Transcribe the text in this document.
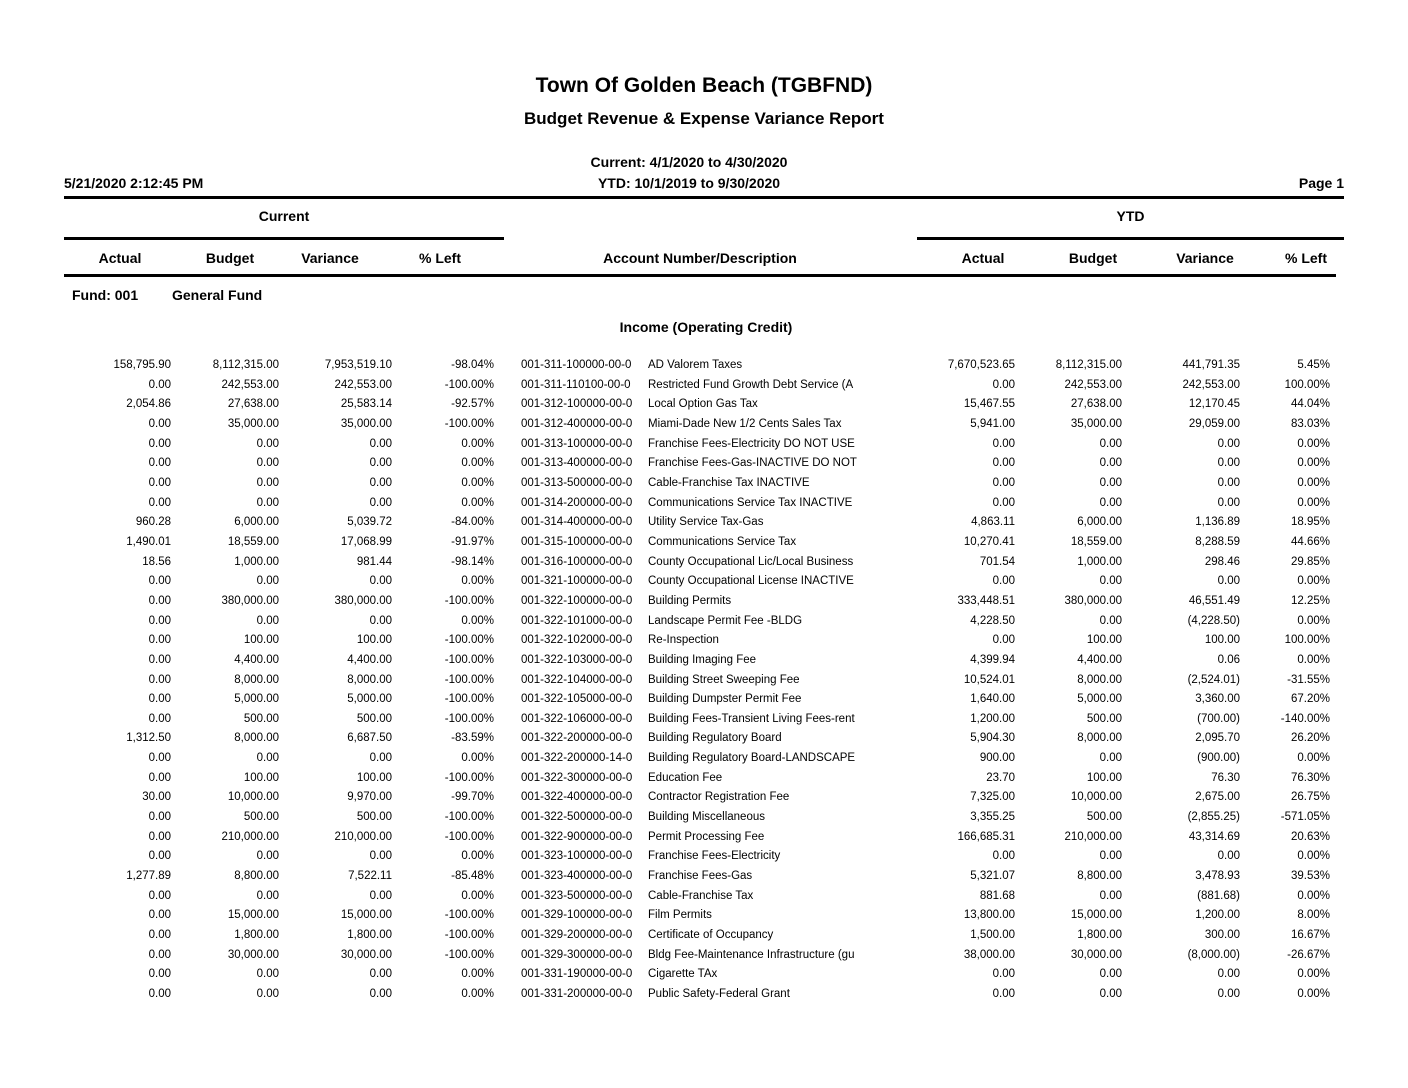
Town Of Golden Beach (TGBFND)
Budget Revenue & Expense Variance Report
Current: 4/1/2020 to 4/30/2020
YTD: 10/1/2019 to 9/30/2020
5/21/2020 2:12:45 PM	Page 1
Current	YTD
Actual	Budget	Variance	% Left	Account Number/Description	Actual	Budget	Variance	% Left
Fund: 001 General Fund
Income (Operating Credit)
158,795.90	8,112,315.00	7,953,519.10	-98.04% 001-311-100000-00-0	AD Valorem Taxes	7,670,523.65	8,112,315.00	441,791.35	5.45%
0.00	242,553.00	242,553.00	-100.00% 001-311-110100-00-0	Restricted Fund Growth Debt Service (A	0.00	242,553.00	242,553.00	100.00%
2,054.86	27,638.00	25,583.14	-92.57% 001-312-100000-00-0	Local Option Gas Tax	15,467.55	27,638.00	12,170.45	44.04%
0.00	35,000.00	35,000.00	-100.00% 001-312-400000-00-0	Miami-Dade New 1/2 Cents Sales Tax	5,941.00	35,000.00	29,059.00	83.03%
0.00	0.00	0.00	0.00% 001-313-100000-00-0	Franchise Fees-Electricity DO NOT USE	0.00	0.00	0.00	0.00%
0.00	0.00	0.00	0.00% 001-313-400000-00-0	Franchise Fees-Gas-INACTIVE DO NOT	0.00	0.00	0.00	0.00%
0.00	0.00	0.00	0.00% 001-313-500000-00-0	Cable-Franchise Tax INACTIVE	0.00	0.00	0.00	0.00%
0.00	0.00	0.00	0.00% 001-314-200000-00-0	Communications Service Tax INACTIVE	0.00	0.00	0.00	0.00%
960.28	6,000.00	5,039.72	-84.00% 001-314-400000-00-0	Utility Service Tax-Gas	4,863.11	6,000.00	1,136.89	18.95%
1,490.01	18,559.00	17,068.99	-91.97% 001-315-100000-00-0	Communications Service Tax	10,270.41	18,559.00	8,288.59	44.66%
18.56	1,000.00	981.44	-98.14% 001-316-100000-00-0	County Occupational Lic/Local Business	701.54	1,000.00	298.46	29.85%
0.00	0.00	0.00	0.00% 001-321-100000-00-0	County Occupational License INACTIVE	0.00	0.00	0.00	0.00%
0.00	380,000.00	380,000.00	-100.00% 001-322-100000-00-0	Building Permits	333,448.51	380,000.00	46,551.49	12.25%
0.00	0.00	0.00	0.00% 001-322-101000-00-0	Landscape Permit Fee -BLDG	4,228.50	0.00	(4,228.50)	0.00%
0.00	100.00	100.00	-100.00% 001-322-102000-00-0	Re-Inspection	0.00	100.00	100.00	100.00%
0.00	4,400.00	4,400.00	-100.00% 001-322-103000-00-0	Building Imaging Fee	4,399.94	4,400.00	0.06	0.00%
0.00	8,000.00	8,000.00	-100.00% 001-322-104000-00-0	Building Street Sweeping Fee	10,524.01	8,000.00	(2,524.01)	-31.55%
0.00	5,000.00	5,000.00	-100.00% 001-322-105000-00-0	Building Dumpster Permit Fee	1,640.00	5,000.00	3,360.00	67.20%
0.00	500.00	500.00	-100.00% 001-322-106000-00-0	Building Fees-Transient Living Fees-rent	1,200.00	500.00	(700.00)	-140.00%
1,312.50	8,000.00	6,687.50	-83.59% 001-322-200000-00-0	Building Regulatory Board	5,904.30	8,000.00	2,095.70	26.20%
0.00	0.00	0.00	0.00% 001-322-200000-14-0	Building Regulatory Board-LANDSCAPE	900.00	0.00	(900.00)	0.00%
0.00	100.00	100.00	-100.00% 001-322-300000-00-0	Education Fee	23.70	100.00	76.30	76.30%
30.00	10,000.00	9,970.00	-99.70% 001-322-400000-00-0	Contractor Registration Fee	7,325.00	10,000.00	2,675.00	26.75%
0.00	500.00	500.00	-100.00% 001-322-500000-00-0	Building Miscellaneous	3,355.25	500.00	(2,855.25)	-571.05%
0.00	210,000.00	210,000.00	-100.00% 001-322-900000-00-0	Permit Processing Fee	166,685.31	210,000.00	43,314.69	20.63%
0.00	0.00	0.00	0.00% 001-323-100000-00-0	Franchise Fees-Electricity	0.00	0.00	0.00	0.00%
1,277.89	8,800.00	7,522.11	-85.48% 001-323-400000-00-0	Franchise Fees-Gas	5,321.07	8,800.00	3,478.93	39.53%
0.00	0.00	0.00	0.00% 001-323-500000-00-0	Cable-Franchise Tax	881.68	0.00	(881.68)	0.00%
0.00	15,000.00	15,000.00	-100.00% 001-329-100000-00-0	Film Permits	13,800.00	15,000.00	1,200.00	8.00%
0.00	1,800.00	1,800.00	-100.00% 001-329-200000-00-0	Certificate of Occupancy	1,500.00	1,800.00	300.00	16.67%
0.00	30,000.00	30,000.00	-100.00% 001-329-300000-00-0	Bldg Fee-Maintenance Infrastructure (gu	38,000.00	30,000.00	(8,000.00)	-26.67%
0.00	0.00	0.00	0.00% 001-331-190000-00-0	Cigarette TAx	0.00	0.00	0.00	0.00%
0.00	0.00	0.00	0.00% 001-331-200000-00-0	Public Safety-Federal Grant	0.00	0.00	0.00	0.00%
